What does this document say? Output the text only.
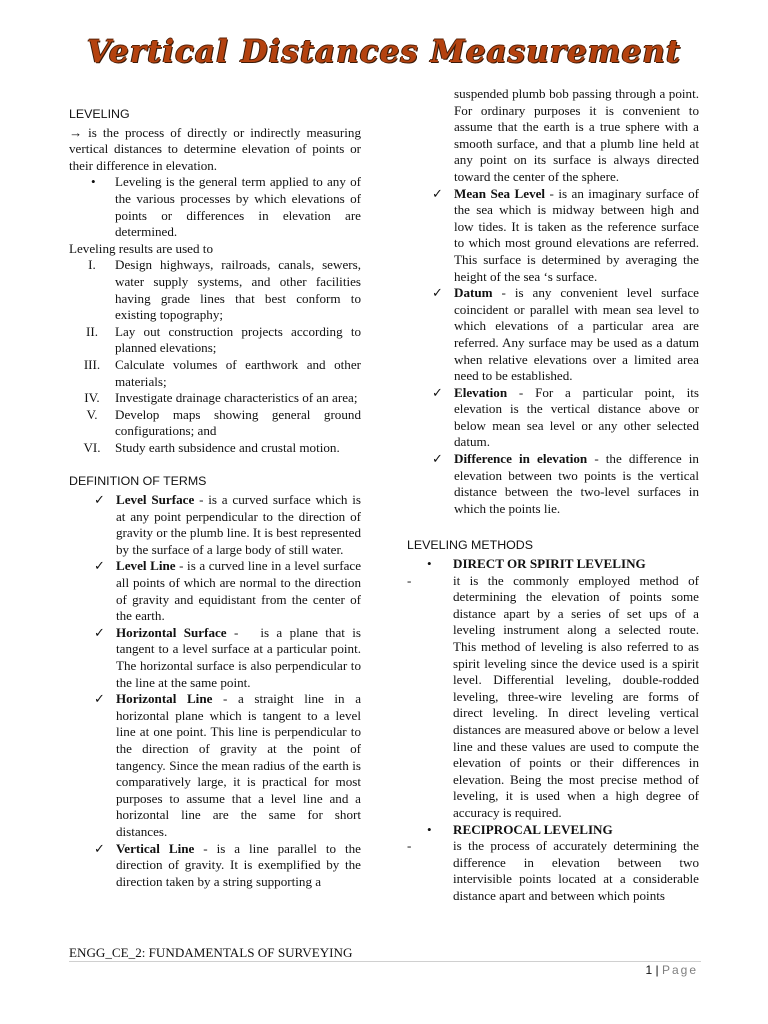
Vertical Distances Measurement

LEVELING

→ is the process of directly or indirectly measuring vertical distances to determine elevation of points or their difference in elevation.

•	Leveling is the general term applied to any of the various processes by which elevations of points or differences in elevation are determined.

Leveling results are used to

I.	Design highways, railroads, canals, sewers, water supply systems, and other facilities having grade lines that best conform to existing topography;
II.	Lay out construction projects according to planned elevations;
III.	Calculate volumes of earthwork and other materials;
IV.	Investigate drainage characteristics of an area;
V.	Develop maps showing general ground configurations; and
VI.	Study earth subsidence and crustal motion.

DEFINITION OF TERMS

✓ Level Surface - is a curved surface which is at any point perpendicular to the direction of gravity or the plumb line. It is best represented by the surface of a large body of still water.
✓ Level Line - is a curved line in a level surface all points of which are normal to the direction of gravity and equidistant from the center of the earth.
✓ Horizontal Surface -   is a plane that is tangent to a level surface at a particular point. The horizontal surface is also perpendicular to the line at the same point.
✓ Horizontal Line - a straight line in a horizontal plane which is tangent to a level line at one point. This line is perpendicular to the direction of gravity at the point of tangency. Since the mean radius of the earth is comparatively large, it is practical for most purposes to assume that a level line and a horizontal line are the same for short distances.
✓ Vertical Line - is a line parallel to the direction of gravity. It is exemplified by the direction taken by a string supporting a

suspended plumb bob passing through a point. For ordinary purposes it is convenient to assume that the earth is a true sphere with a smooth surface, and that a plumb line held at any point on its surface is always directed toward the center of the sphere.

✓ Mean Sea Level - is an imaginary surface of the sea which is midway between high and low tides. It is taken as the reference surface to which most ground elevations are referred. This surface is determined by averaging the height of the sea ‘s surface.
✓ Datum - is any convenient level surface coincident or parallel with mean sea level to which elevations of a particular area are referred. Any surface may be used as a datum when relative elevations over a limited area need to be established.
✓ Elevation - For a particular point, its elevation is the vertical distance above or below mean sea level or any other selected datum.
✓ Difference in elevation - the difference in elevation between two points is the vertical distance between the two-level surfaces in which the points lie.

LEVELING METHODS

•	DIRECT OR SPIRIT LEVELING
-	it is the commonly employed method of determining the elevation of points some distance apart by a series of set ups of a leveling instrument along a selected route. This method of leveling is also referred to as spirit leveling since the device used is a spirit level. Differential leveling, double-rodded leveling, three-wire leveling are forms of direct leveling. In direct leveling vertical distances are measured above or below a level line and these values are used to compute the elevation of points or their differences in elevation. Being the most precise method of leveling, it is used when a high degree of accuracy is required.
•	RECIPROCAL LEVELING
-	is the process of accurately determining the difference in elevation between two intervisible points located at a considerable distance apart and between which points
ENGG_CE_2: FUNDAMENTALS OF SURVEYING
1 | Page
